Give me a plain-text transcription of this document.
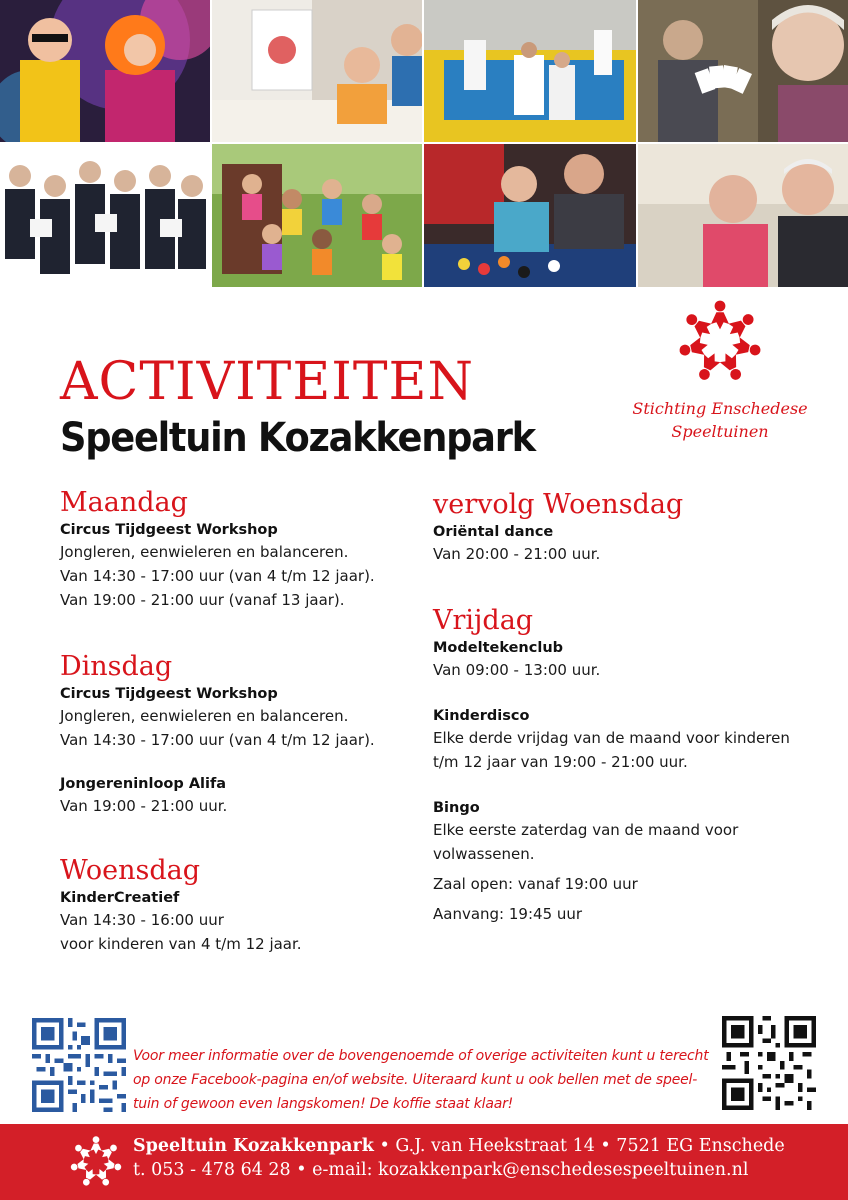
ACTIVITEITEN
Speeltuin Kozakkenpark
Stichting Enschedese
Speeltuinen
Maandag

Circus Tijdgeest Workshop

Jongleren, eenwieleren en balanceren.

Van 14:30 - 17:00 uur (van 4 t/m 12 jaar).

Van 19:00 - 21:00 uur (vanaf 13 jaar).

Dinsdag

Circus Tijdgeest Workshop

Jongleren, eenwieleren en balanceren.

Van 14:30 - 17:00 uur (van 4 t/m 12 jaar).

Jongereninloop Alifa

Van 19:00 - 21:00 uur.

Woensdag

KinderCreatief

Van 14:30 - 16:00 uur

voor kinderen van 4 t/m 12 jaar.

vervolg Woensdag

Oriëntal dance

Van 20:00 - 21:00 uur.

Vrijdag

Modeltekenclub

Van 09:00 - 13:00 uur.

Kinderdisco

Elke derde vrijdag van de maand voor kinderen

t/m 12 jaar van 19:00 - 21:00 uur.

Bingo

Elke eerste zaterdag van de maand voor

volwassenen.

Zaal open: vanaf 19:00 uur

Aanvang: 19:45 uur

Voor meer informatie over de bovengenoemde of overige activiteiten kunt u terecht
op onze Facebook-pagina en/of website. Uiteraard kunt u ook bellen met de speel-
tuin of gewoon even langskomen! De koffie staat klaar!
Speeltuin Kozakkenpark • G.J. van Heekstraat 14 • 7521 EG Enschede
t. 053 - 478 64 28 • e-mail: kozakkenpark@enschedesespeeltuinen.nl
